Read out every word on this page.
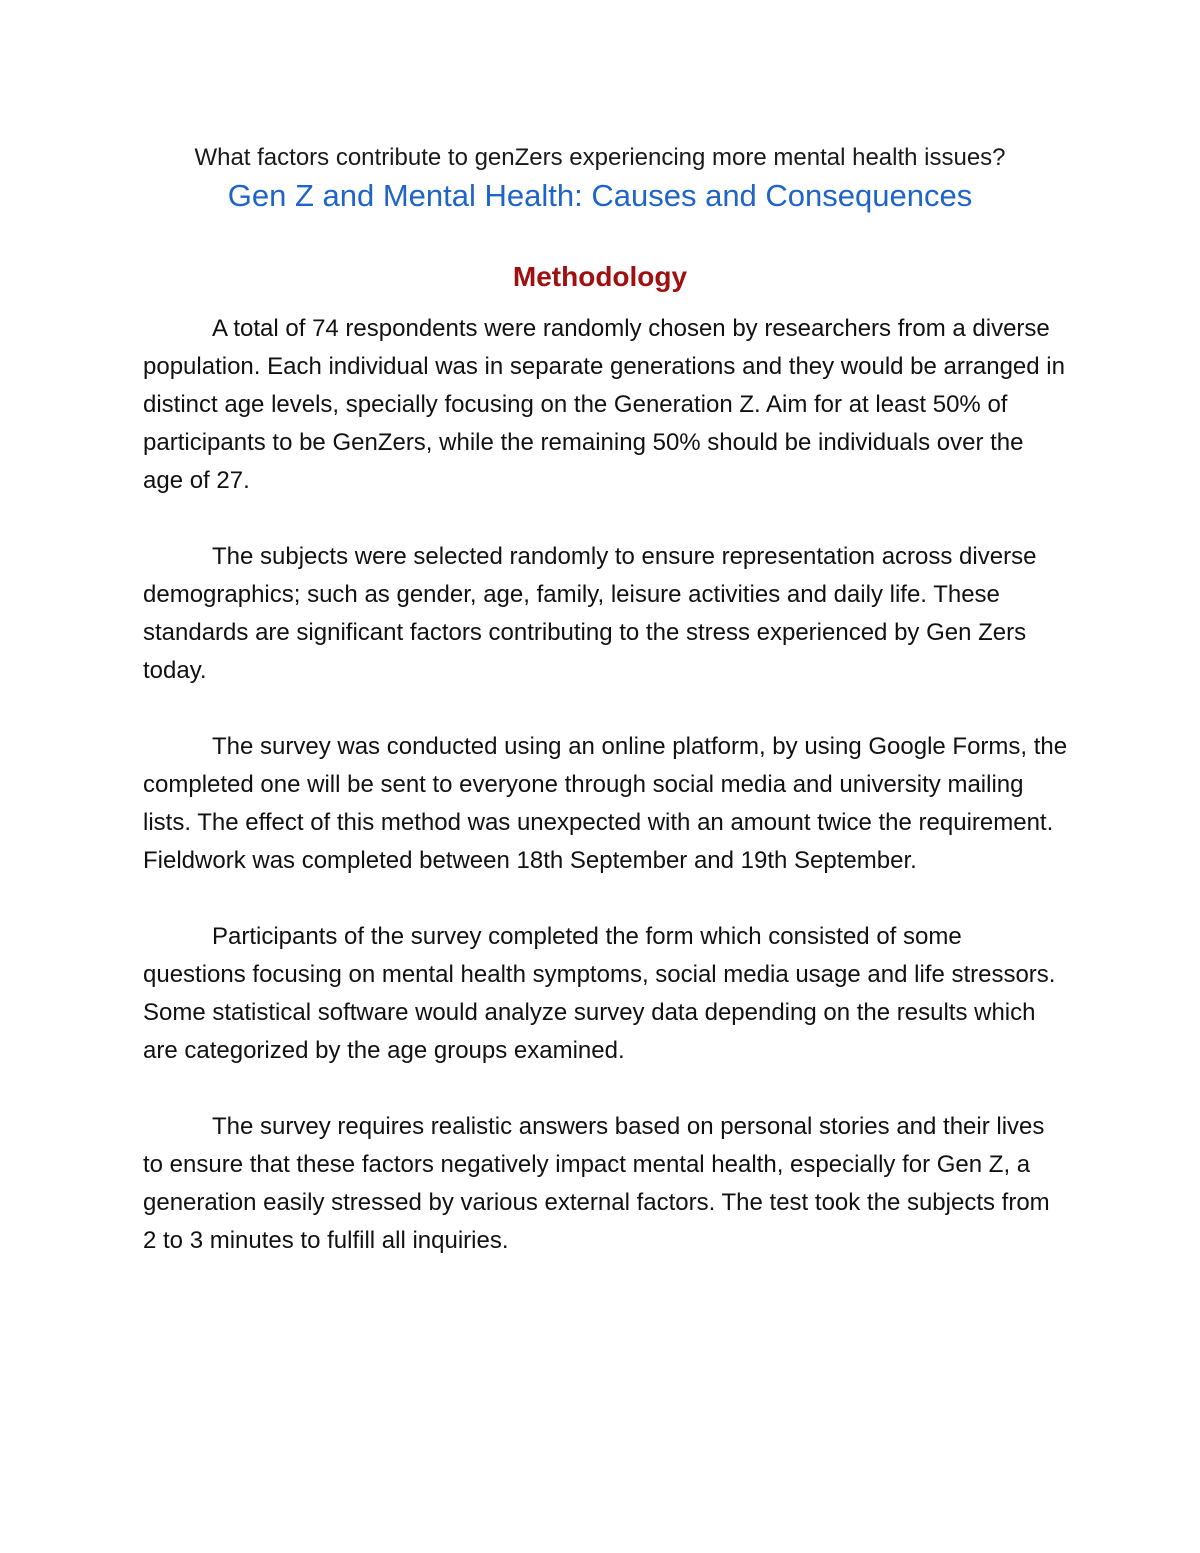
What factors contribute to genZers experiencing more mental health issues?
Gen Z and Mental Health: Causes and Consequences
Methodology

A total of 74 respondents were randomly chosen by researchers from a diverse population. Each individual was in separate generations and they would be arranged in distinct age levels, specially focusing on the Generation Z. Aim for at least 50% of participants to be GenZers, while the remaining 50% should be individuals over the age of 27.

The subjects were selected randomly to ensure representation across diverse demographics; such as gender, age, family, leisure activities and daily life. These standards are significant factors contributing to the stress experienced by Gen Zers today.

The survey was conducted using an online platform, by using Google Forms, the completed one will be sent to everyone through social media and university mailing lists. The effect of this method was unexpected with an amount twice the requirement. Fieldwork was completed between 18th September and 19th September.

Participants of the survey completed the form which consisted of some questions focusing on mental health symptoms, social media usage and life stressors. Some statistical software would analyze survey data depending on the results which are categorized by the age groups examined.

The survey requires realistic answers based on personal stories and their lives to ensure that these factors negatively impact mental health, especially for Gen Z, a generation easily stressed by various external factors. The test took the subjects from 2 to 3 minutes to fulfill all inquiries.
